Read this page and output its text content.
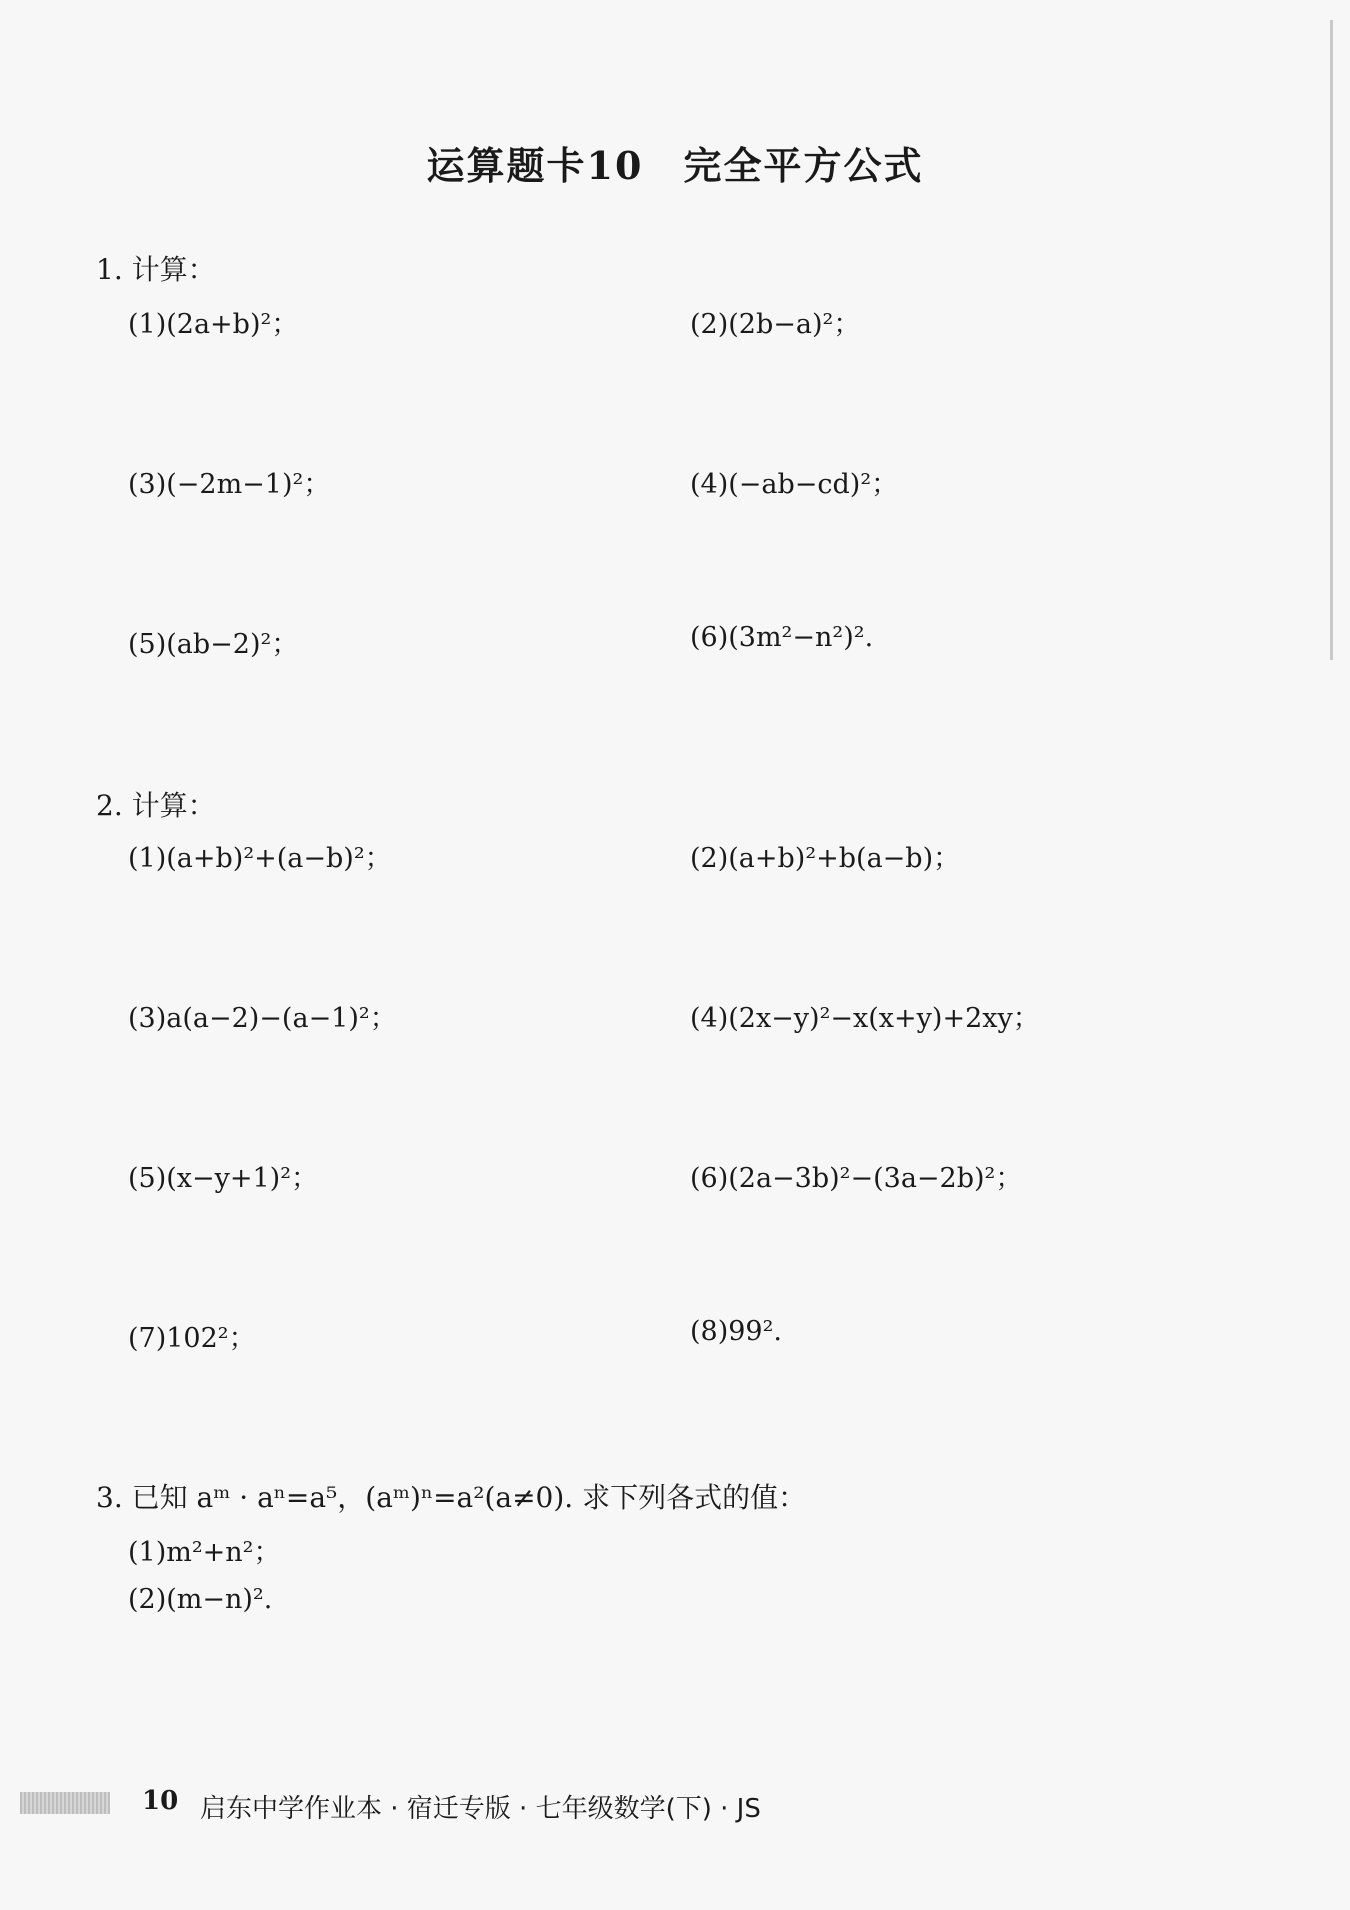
运算题卡10 完全平方公式
1. 计算：
(1)(2a+b)²；	(2)(2b−a)²；
(3)(−2m−1)²；	(4)(−ab−cd)²；
(5)(ab−2)²；	(6)(3m²−n²)².
2. 计算：
(1)(a+b)²+(a−b)²；	(2)(a+b)²+b(a−b)；
(3)a(a−2)−(a−1)²；	(4)(2x−y)²−x(x+y)+2xy；
(5)(x−y+1)²；	(6)(2a−3b)²−(3a−2b)²；
(7)102²；	(8)99².
3. 已知 aᵐ · aⁿ=a⁵，(aᵐ)ⁿ=a²(a≠0). 求下列各式的值：
(1)m²+n²；
(2)(m−n)².
10 启东中学作业本 · 宿迁专版 · 七年级数学(下) · JS
